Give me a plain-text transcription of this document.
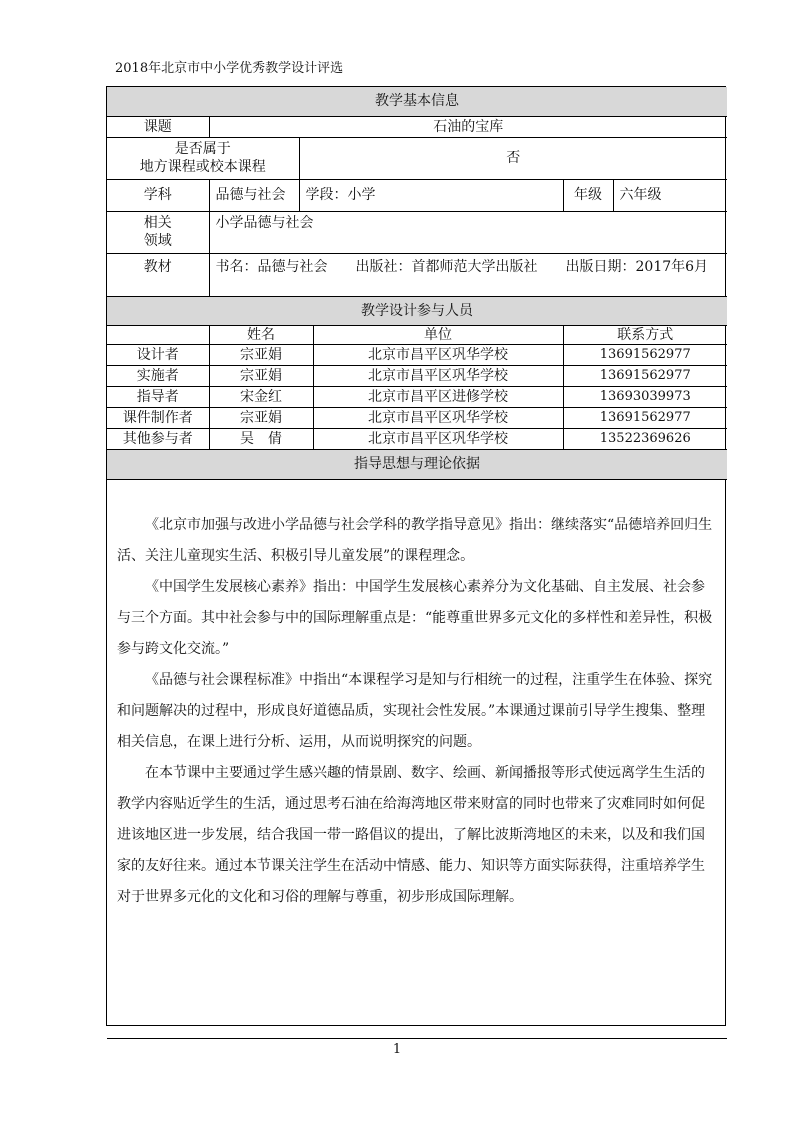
2018年北京市中小学优秀教学设计评选
教学基本信息					
课题	石油的宝库				

是否属于
地方课程或校本课程		否			
学科	品德与社会	学段：小学		年级	六年级

相关
领域	小学品德与社会				
教材	书名：品德与社会　　出版社：首都师范大学出版社　　出版日期：2017年6月				
教学设计参与人员					
	姓名		单位	联系方式	
设计者	宗亚娟		北京市昌平区巩华学校	13691562977	
实施者	宗亚娟		北京市昌平区巩华学校	13691562977	
指导者	宋金红		北京市昌平区进修学校	13693039973	
课件制作者	宗亚娟		北京市昌平区巩华学校	13691562977	
其他参与者	吴　倩		北京市昌平区巩华学校	13522369626	
指导思想与理论依据					

《北京市加强与改进小学品德与社会学科的教学指导意见》指出：继续落实“品德培养回归生活、关注儿童现实生活、积极引导儿童发展”的课程理念。

《中国学生发展核心素养》指出：中国学生发展核心素养分为文化基础、自主发展、社会参与三个方面。其中社会参与中的国际理解重点是：“能尊重世界多元文化的多样性和差异性，积极参与跨文化交流。”

《品德与社会课程标准》中指出“本课程学习是知与行相统一的过程，注重学生在体验、探究和问题解决的过程中，形成良好道德品质，实现社会性发展。”本课通过课前引导学生搜集、整理相关信息，在课上进行分析、运用，从而说明探究的问题。

在本节课中主要通过学生感兴趣的情景剧、数字、绘画、新闻播报等形式使远离学生生活的教学内容贴近学生的生活，通过思考石油在给海湾地区带来财富的同时也带来了灾难同时如何促进该地区进一步发展，结合我国一带一路倡议的提出，了解比波斯湾地区的未来，以及和我们国家的友好往来。通过本节课关注学生在活动中情感、能力、知识等方面实际获得，注重培养学生对于世界多元化的文化和习俗的理解与尊重，初步形成国际理解。					

1
